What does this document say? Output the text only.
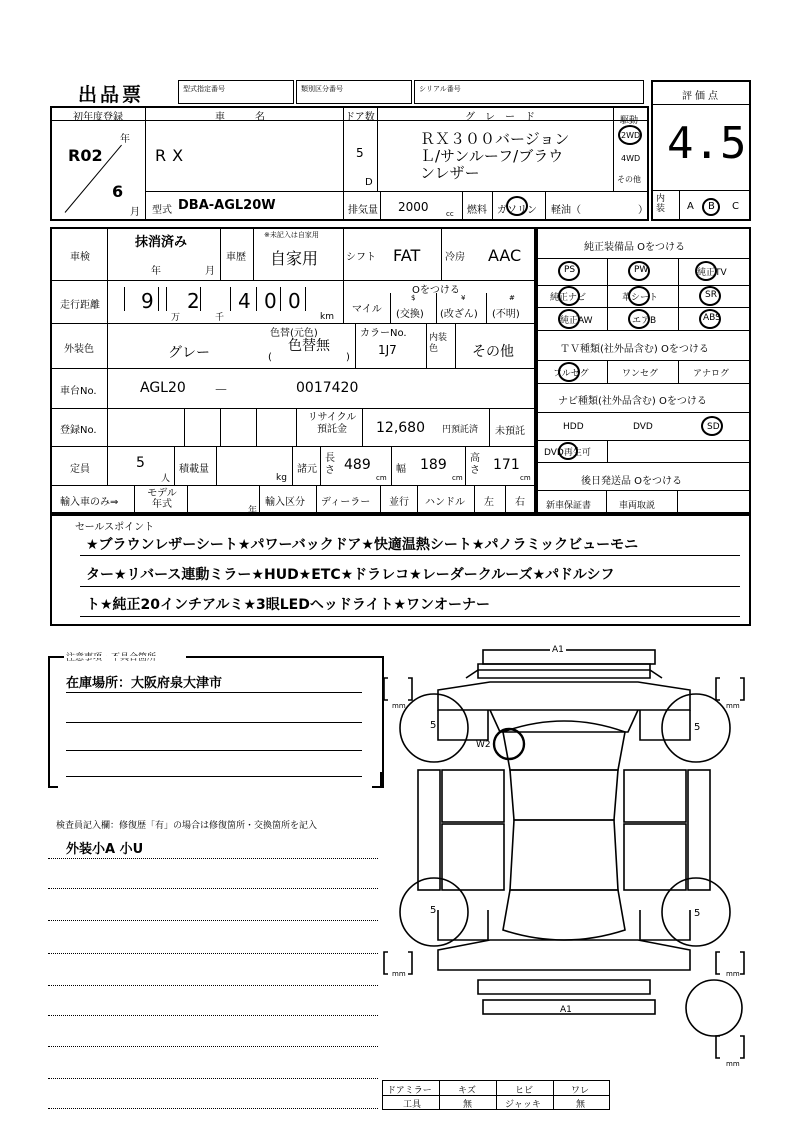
出品票	型式指定番号	類別区分番号	シリアル番号
評価点
4.5
内装 A B C
初年度登録
年
R02
6
月
車　　　名
RX
ドア数
5
D
グ　レ　ー　ド
ＲＸ３００バージョン
Ｌ/サンルーフ/ブラウ
ンレザー
駆動
2WD
4WD
その他
型式 DBA-AGL20W	排気量 2000 cc 燃料 ガソリン 軽油（	）
車検
抹消済み
年	月
車歴
※未記入は自家用
自家用	シフト FAT 冷房 AAC
走行距離 9
万
2
千
4 0 0
km
Oをつける
マイル
$
(交換)
¥
(改ざん)
#
(不明)
外装色	グレー
色替(元色)
色替無
(	)
カラーNo.
1J7
内装色	その他
車台No.	AGL20 －	0017420
登録No.
リサイクル預託金	12,680 円預託済 未預託
定員	5
人
積載量
kg
諸元
長さ 489
cm
幅 189
cm
高さ 171
cm
輸入車のみ⇒
モデル年式
年
輸入区分 ディーラー 並行 ハンドル 左 右
純正装備品 Oをつける
PS	PW	純正TV
純正ナビ	革シート	SR
純正AW	エアB	ABS
ＴＶ種類(社外品含む) Oをつける
フルセグ	ワンセグ	アナログ
ナビ種類(社外品含む) Oをつける
HDD	DVD	SD
DVD再生可
後日発送品 Oをつける
新車保証書	車両取説
セールスポイント
★ブラウンレザーシート★パワーバックドア★快適温熱シート★パノラミックビューモニ
ター★リバース連動ミラー★HUD★ETC★ドラレコ★レーダークルーズ★パドルシフ
ト★純正20インチアルミ★3眼LEDヘッドライト★ワンオーナー
注意事項・不具合箇所
在庫場所：大阪府泉大津市
検査員記入欄：修復歴「有」の場合は修復箇所・交換箇所を記入
外装小A 小U
A1
A1
W2
5	5
5	5
mm	mm
mm	mm
mm
ドアミラー	キズ	ヒビ	ワレ
工具	無	ジャッキ	無
